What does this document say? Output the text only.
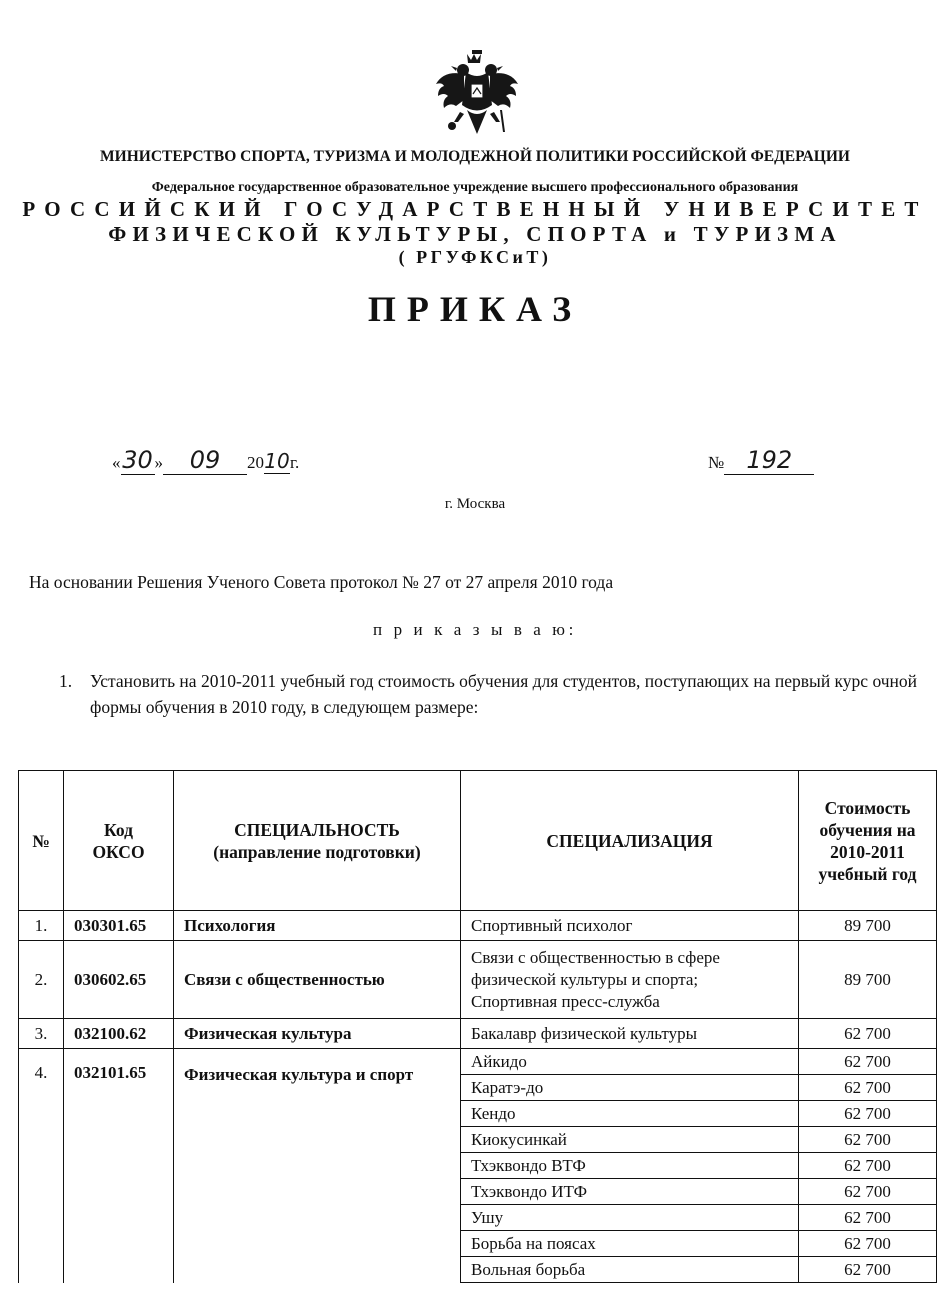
МИНИСТЕРСТВО СПОРТА, ТУРИЗМА И МОЛОДЕЖНОЙ ПОЛИТИКИ РОССИЙСКОЙ ФЕДЕРАЦИИ
Федеральное государственное образовательное учреждение высшего профессионального образования
РОССИЙСКИЙ ГОСУДАРСТВЕННЫЙ УНИВЕРСИТЕТ
ФИЗИЧЕСКОЙ КУЛЬТУРЫ, СПОРТА и ТУРИЗМА
( РГУФКСиТ)
ПРИКАЗ
«30 » 09 2010г.	№ 192
г. Москва
На основании Решения Ученого Совета протокол № 27 от 27 апреля 2010 года
п р и к а з ы в а ю:
1. Установить на 2010-2011 учебный год стоимость обучения для студентов, поступающих на первый курс очной формы обучения в 2010 году, в следующем размере:
№	Код ОКСО	СПЕЦИАЛЬНОСТЬ (направление подготовки)	СПЕЦИАЛИЗАЦИЯ	Стоимость обучения на 2010-2011 учебный год
1.	030301.65	Психология	Спортивный психолог	89 700
2.	030602.65	Связи с общественностью	Связи с общественностью в сфере физической культуры и спорта; Спортивная пресс-служба	89 700
3.	032100.62	Физическая культура	Бакалавр физической культуры	62 700
4.	032101.65	Физическая культура и спорт	Айкидо	62 700
			Каратэ-до	62 700
			Кендо	62 700
			Киокусинкай	62 700
			Тхэквондо ВТФ	62 700
			Тхэквондо ИТФ	62 700
			Ушу	62 700
			Борьба на поясах	62 700
			Вольная борьба	62 700
